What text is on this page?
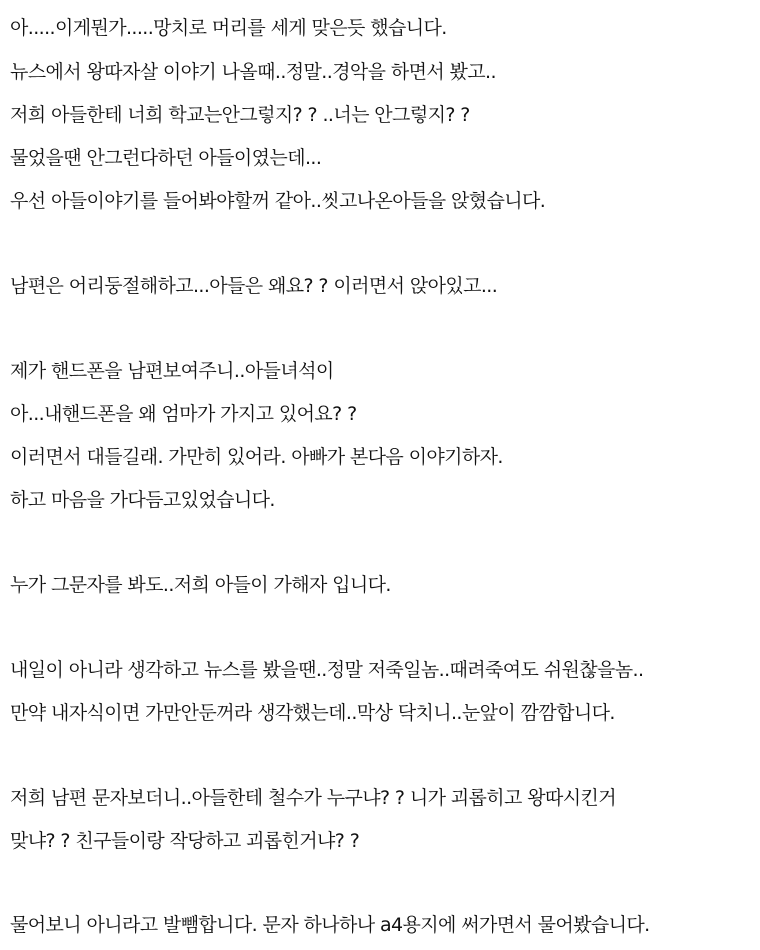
아.....이게뭔가.....망치로 머리를 세게 맞은듯 했습니다.
뉴스에서 왕따자살 이야기 나올때..정말..경악을 하면서 봤고..
저희 아들한테 너희 학교는안그렇지? ? ..너는 안그렇지? ?
물었을땐 안그런다하던 아들이였는데...
우선 아들이야기를 들어봐야할꺼 같아..씻고나온아들을 앉혔습니다.
남편은 어리둥절해하고...아들은 왜요? ? 이러면서 앉아있고...
제가 핸드폰을 남편보여주니..아들녀석이
아...내핸드폰을 왜 엄마가 가지고 있어요? ?
이러면서 대들길래. 가만히 있어라. 아빠가 본다음 이야기하자.
하고 마음을 가다듬고있었습니다.
누가 그문자를 봐도..저희 아들이 가해자 입니다.
내일이 아니라 생각하고 뉴스를 봤을땐..정말 저죽일놈..때려죽여도 쉬원찮을놈..
만약 내자식이면 가만안둔꺼라 생각했는데..막상 닥치니..눈앞이 깜깜합니다.
저희 남편 문자보더니..아들한테 철수가 누구냐? ? 니가 괴롭히고 왕따시킨거
맞냐? ? 친구들이랑 작당하고 괴롭힌거냐? ?
물어보니 아니라고 발뺌합니다. 문자 하나하나 a4용지에 써가면서 물어봤습니다.
